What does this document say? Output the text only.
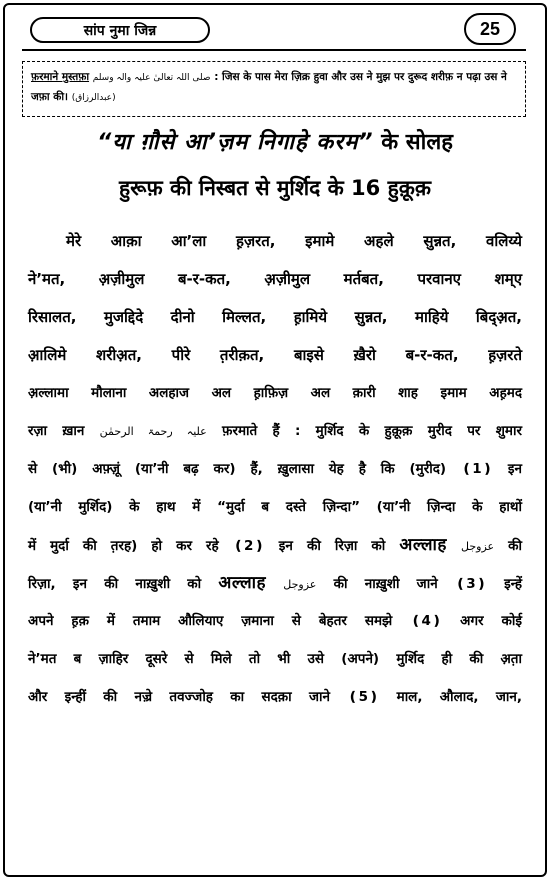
सांप नुमा जिन्न	25
फ़रमाने मुस्तफ़ा صلی اللہ تعالیٰ علیہ والہ وسلم : जिस के पास मेरा ज़िक्र हुवा और उस ने मुझ पर दुरूद शरीफ़ न पढ़ा उस ने जफ़ा की। (عبدالرزاق)
“या ग़ौसे आ’ज़म निगाहे करम” के सोलह
हुरूफ़ की निस्बत से मुर्शिद के 16 हुक़ूक़
मेरे आक़ा आ’ला ह़ज़रत, इमामे अहले सुन्नत, वलिय्ये
ने’मत, अ़ज़ीमुल ब-र-कत, अ़ज़ीमुल मर्तबत, परवानए शम्ए
रिसालत, मुजद्दिदे दीनो मिल्लत, ह़ामिये सुन्नत, माहिये बिद्अ़त,
आ़लिमे शरीअ़त, पीरे त़रीक़त, बाइसे ख़ैरो ब-र-कत, ह़ज़रते
अ़ल्लामा मौलाना अलहाज अल ह़ाफ़िज़ अल क़ारी शाह इमाम अह़मद
रज़ा ख़ान علیہ رحمۃ الرحمٰن फ़रमाते हैं : मुर्शिद के हुक़ूक़ मुरीद पर शुमार
से (भी) अफ़्ज़ूं (या’नी बढ़ कर) हैं, ख़ुलासा येह है कि (मुरीद) ❪1❫ इन
(या’नी मुर्शिद) के हाथ में “मुर्दा ब दस्ते ज़िन्दा” (या’नी ज़िन्दा के हाथों
में मुर्दा की त़रह) हो कर रहे ❪2❫ इन की रिज़ा को अल्लाह عزوجل की
रिज़ा, इन की नाख़ुशी को अल्लाह عزوجل की नाख़ुशी जाने ❪3❫ इन्हें
अपने ह़क़ में तमाम औलियाए ज़माना से बेहतर समझे ❪4❫ अगर कोई
ने’मत ब ज़ाहिर दूसरे से मिले तो भी उसे (अपने) मुर्शिद ही की अ़त़ा
और इन्हीं की नज़्रे तवज्जोह का सदक़ा जाने ❪5❫ माल, औलाद, जान,
